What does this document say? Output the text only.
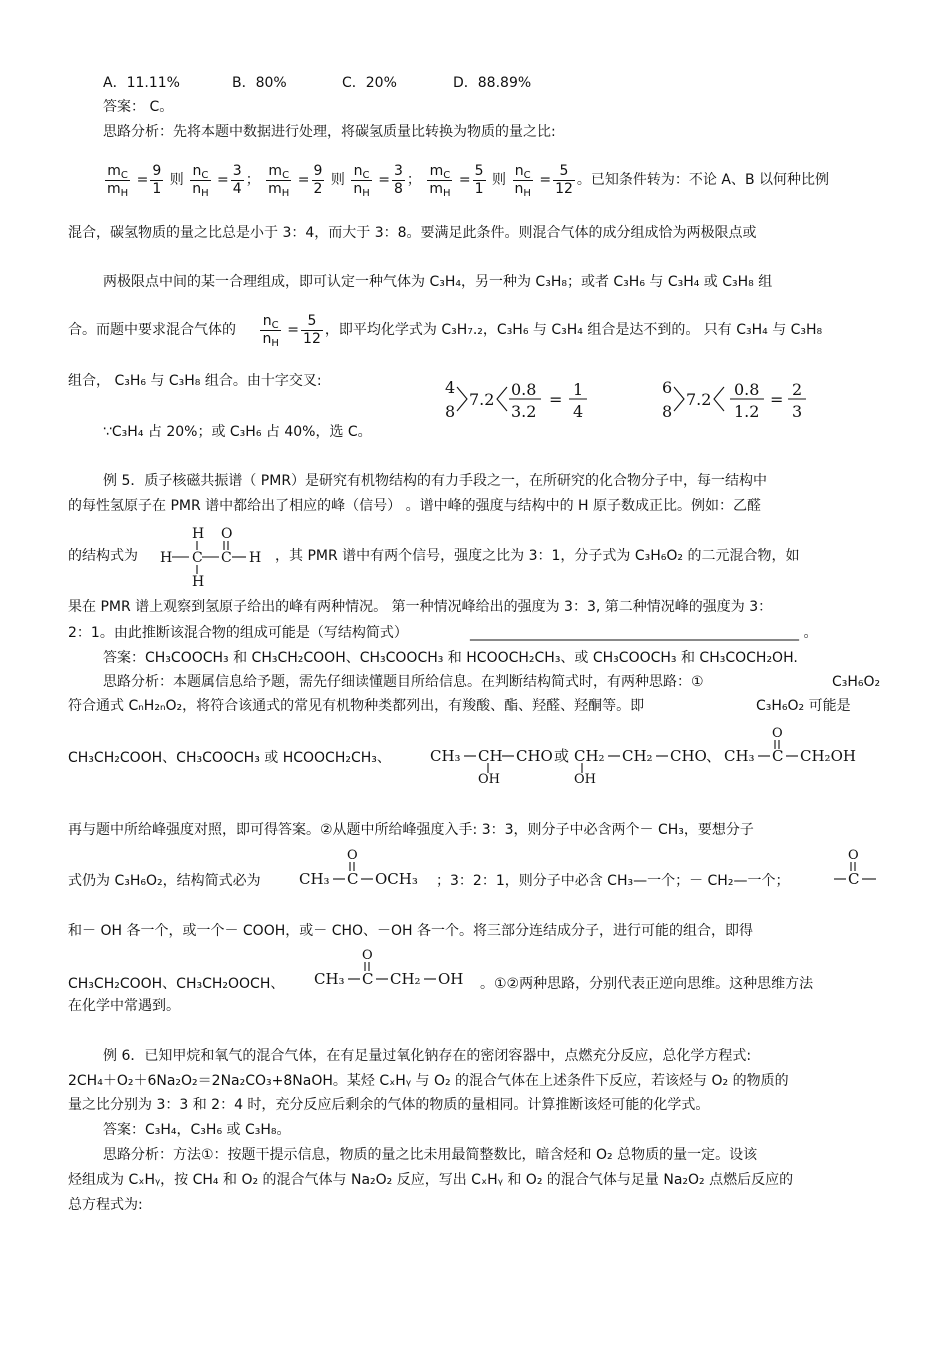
A．11.11%	B．80%	C．20%	D．88.89%
答案： C。
思路分析：先将本题中数据进行处理，将碳氢质量比转换为物质的量之比:
$\frac{m_C}{m_H} = \frac{9}{1}$ 则 $\frac{n_C}{n_H} = \frac{3}{4}$ ； $\frac{m_C}{m_H} = \frac{9}{2}$ 则 $\frac{n_C}{n_H} = \frac{3}{8}$ ； $\frac{m_C}{m_H} = \frac{5}{1}$ 则 $\frac{n_C}{n_H} = \frac{5}{12}$ 。已知条件转为：不论 A、B 以何种比例
混合，碳氢物质的量之比总是小于 3：4，而大于 3：8。要满足此条件。则混合气体的成分组成恰为两极限点或
两极限点中间的某一合理组成，即可认定一种气体为 C₃H₄，另一种为 C₃H₈；或者 C₃H₆ 与 C₃H₄ 或 C₃H₈ 组
合。而题中要求混合气体的 $\frac{n_C}{n_H} = \frac{5}{12}$ ，即平均化学式为 C₃H₇.₂，C₃H₆ 与 C₃H₄ 组合是达不到的。 只有 C₃H₄ 与 C₃H₈
组合， C₃H₆ 与 C₃H₈ 组合。由十字交叉:	4
8
7.2
0.8
3.2
=
1
4
6
8
7.2
0.8
1.2
=
2
3
∵C₃H₄ 占 20%；或 C₃H₆ 占 40%，选 C。
例 5．质子核磁共振谱（ PMR）是研究有机物结构的有力手段之一，在所研究的化合物分子中，每一结构中
的每性氢原子在 PMR 谱中都给出了相应的峰（信号） 。谱中峰的强度与结构中的 H 原子数成正比。例如：乙醛
的结构式为
H
H C C
O
H
H
，其 PMR 谱中有两个信号，强度之比为 3：1，分子式为 C₃H₆O₂ 的二元混合物，如
果在 PMR 谱上观察到氢原子给出的峰有两种情况。 第一种情况峰给出的强度为 3：3, 第二种情况峰的强度为 3：
2：1。由此推断该混合物的组成可能是（写结构简式）	_______________________________________________ 。
答案：CH₃COOCH₃ 和 CH₃CH₂COOH、CH₃COOCH₃ 和 HCOOCH₂CH₃、或 CH₃COOCH₃ 和 CH₃COCH₂OH.
思路分析：本题属信息给予题，需先仔细读懂题目所给信息。在判断结构简式时，有两种思路：①	C₃H₆O₂
符合通式 CₙH₂ₙO₂，将符合该通式的常见有机物种类都列出，有羧酸、酯、羟醛、羟酮等。即	C₃H₆O₂ 可能是
CH₃CH₂COOH、CH₃COOCH₃ 或 HCOOCH₂CH₃、	CH₃ CH
OH
CHO 或 CH₂
OH
CH₂ CHO 、 CH₃ C
O
CH₂OH
再与题中所给峰强度对照，即可得答案。②从题中所给峰强度入手: 3：3，则分子中必含两个－ CH₃，要想分子
式仍为 C₃H₆O₂，结构简式必为	CH₃ C
O
OCH₃ ；3：2：1，则分子中必含 CH₃—一个；－ CH₂—一个；	C
O
和－ OH 各一个，或一个－ COOH，或－ CHO、－OH 各一个。将三部分连结成分子，进行可能的组合，即得
CH₃CH₂COOH、CH₃CH₂OOCH、 CH₃ C
O
CH₂ OH 。①②两种思路，分别代表正逆向思维。这种思维方法
在化学中常遇到。
例 6．已知甲烷和氧气的混合气体，在有足量过氧化钠存在的密闭容器中，点燃充分反应，总化学方程式:
2CH₄＋O₂＋6Na₂O₂＝2Na₂CO₃+8NaOH。某烃 CₓHᵧ 与 O₂ 的混合气体在上述条件下反应，若该烃与 O₂ 的物质的
量之比分别为 3：3 和 2：4 时，充分反应后剩余的气体的物质的量相同。计算推断该烃可能的化学式。
答案：C₃H₄，C₃H₆ 或 C₃H₈。
思路分析：方法①：按题干提示信息，物质的量之比未用最简整数比，暗含烃和 O₂ 总物质的量一定。设该
烃组成为 CₓHᵧ，按 CH₄ 和 O₂ 的混合气体与 Na₂O₂ 反应，写出 CₓHᵧ 和 O₂ 的混合气体与足量 Na₂O₂ 点燃后反应的
总方程式为:
